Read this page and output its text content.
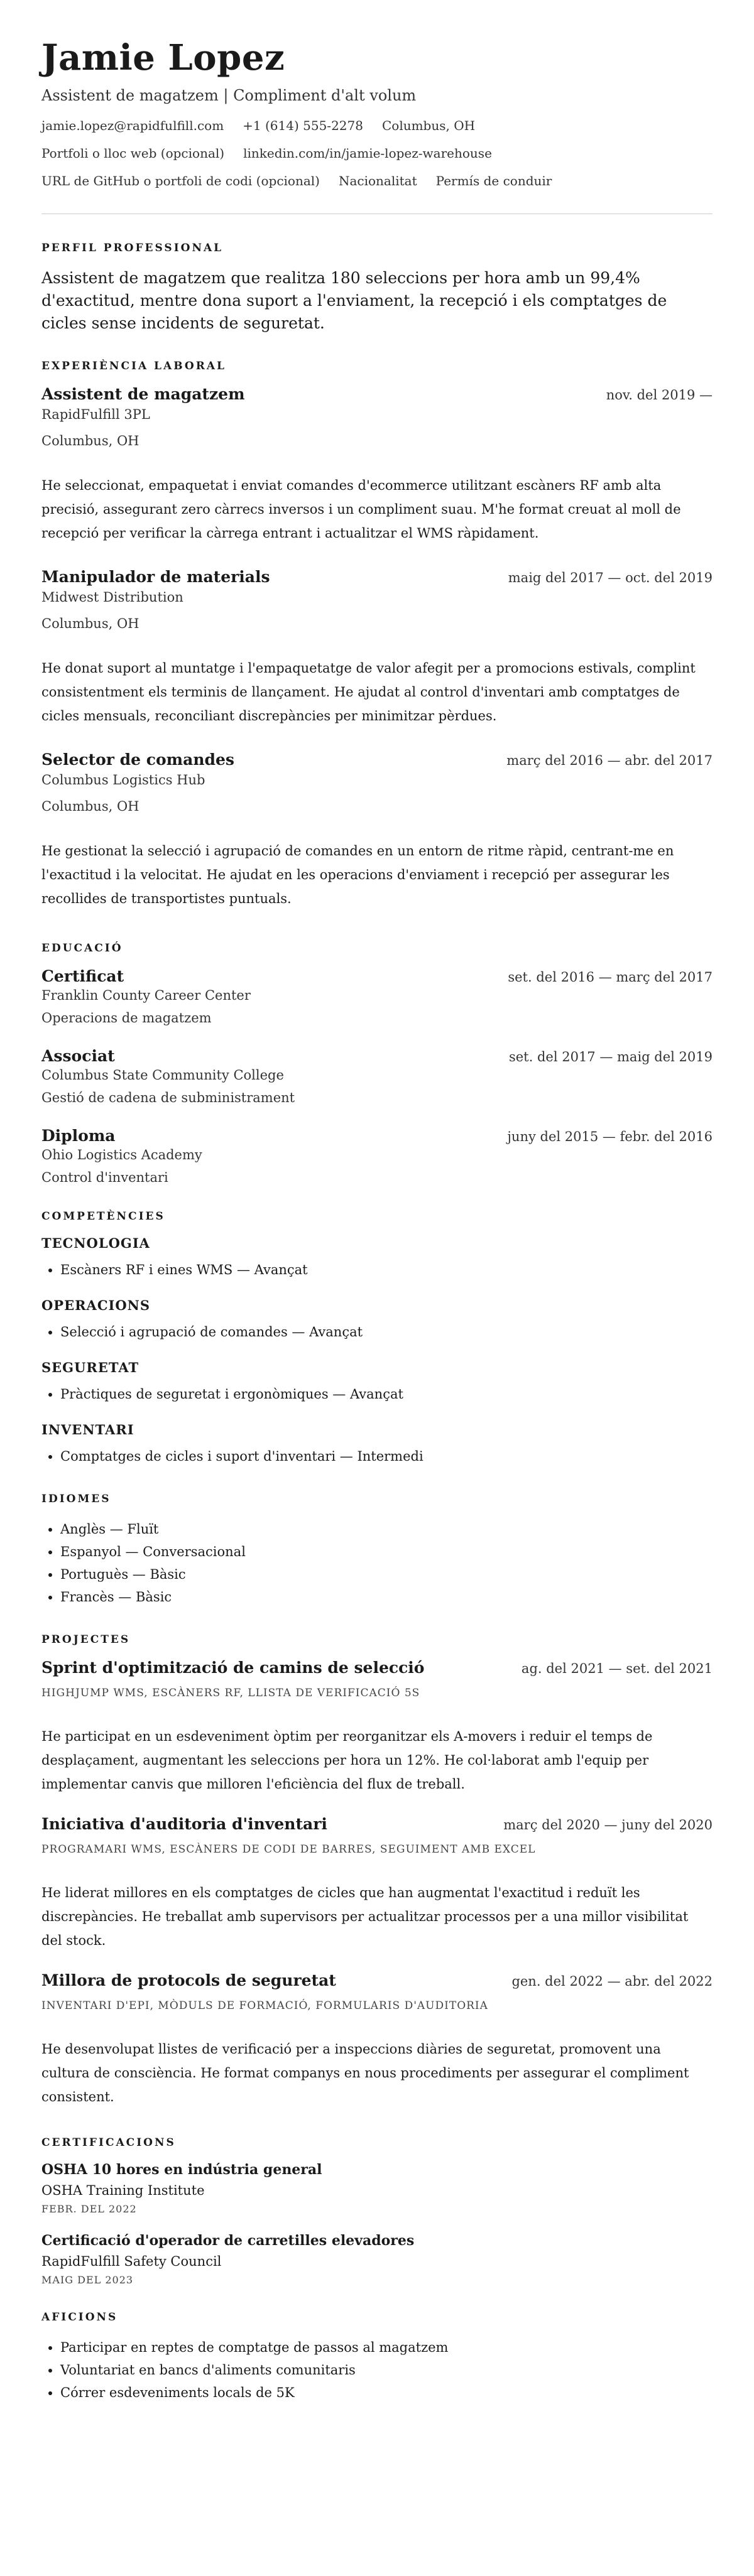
Jamie Lopez
Assistent de magatzem | Compliment d'alt volum
jamie.lopez@rapidfulfill.com +1 (614) 555-2278 Columbus, OH
Portfoli o lloc web (opcional) linkedin.com/in/jamie-lopez-warehouse
URL de GitHub o portfoli de codi (opcional) Nacionalitat Permís de conduir
PERFIL PROFESSIONAL
Assistent de magatzem que realitza 180 seleccions per hora amb un 99,4% d'exactitud, mentre dona suport a l'enviament, la recepció i els comptatges de cicles sense incidents de seguretat.
EXPERIÈNCIA LABORAL
Assistent de magatzem	nov. del 2019 —
RapidFulfill 3PL
Columbus, OH
He seleccionat, empaquetat i enviat comandes d'ecommerce utilitzant escàners RF amb alta precisió, assegurant zero càrrecs inversos i un compliment suau. M'he format creuat al moll de recepció per verificar la càrrega entrant i actualitzar el WMS ràpidament.
Manipulador de materials	maig del 2017 — oct. del 2019
Midwest Distribution
Columbus, OH
He donat suport al muntatge i l'empaquetatge de valor afegit per a promocions estivals, complint consistentment els terminis de llançament. He ajudat al control d'inventari amb comptatges de cicles mensuals, reconciliant discrepàncies per minimitzar pèrdues.
Selector de comandes	març del 2016 — abr. del 2017
Columbus Logistics Hub
Columbus, OH
He gestionat la selecció i agrupació de comandes en un entorn de ritme ràpid, centrant-me en l'exactitud i la velocitat. He ajudat en les operacions d'enviament i recepció per assegurar les recollides de transportistes puntuals.
EDUCACIÓ
Certificat	set. del 2016 — març del 2017
Franklin County Career Center
Operacions de magatzem
Associat	set. del 2017 — maig del 2019
Columbus State Community College
Gestió de cadena de subministrament
Diploma	juny del 2015 — febr. del 2016
Ohio Logistics Academy
Control d'inventari
COMPETÈNCIES
TECNOLOGIA
• Escàners RF i eines WMS — Avançat
OPERACIONS
• Selecció i agrupació de comandes — Avançat
SEGURETAT
• Pràctiques de seguretat i ergonòmiques — Avançat
INVENTARI
• Comptatges de cicles i suport d'inventari — Intermedi
IDIOMES
• Anglès — Fluït
• Espanyol — Conversacional
• Portuguès — Bàsic
• Francès — Bàsic
PROJECTES
Sprint d'optimització de camins de selecció	ag. del 2021 — set. del 2021
HIGHJUMP WMS, ESCÀNERS RF, LLISTA DE VERIFICACIÓ 5S
He participat en un esdeveniment òptim per reorganitzar els A-movers i reduir el temps de desplaçament, augmentant les seleccions per hora un 12%. He col·laborat amb l'equip per implementar canvis que milloren l'eficiència del flux de treball.
Iniciativa d'auditoria d'inventari	març del 2020 — juny del 2020
PROGRAMARI WMS, ESCÀNERS DE CODI DE BARRES, SEGUIMENT AMB EXCEL
He liderat millores en els comptatges de cicles que han augmentat l'exactitud i reduït les discrepàncies. He treballat amb supervisors per actualitzar processos per a una millor visibilitat del stock.
Millora de protocols de seguretat	gen. del 2022 — abr. del 2022
INVENTARI D'EPI, MÒDULS DE FORMACIÓ, FORMULARIS D'AUDITORIA
He desenvolupat llistes de verificació per a inspeccions diàries de seguretat, promovent una cultura de consciència. He format companys en nous procediments per assegurar el compliment consistent.
CERTIFICACIONS
OSHA 10 hores en indústria general
OSHA Training Institute
FEBR. DEL 2022
Certificació d'operador de carretilles elevadores
RapidFulfill Safety Council
MAIG DEL 2023
AFICIONS
• Participar en reptes de comptatge de passos al magatzem
• Voluntariat en bancs d'aliments comunitaris
• Córrer esdeveniments locals de 5K
